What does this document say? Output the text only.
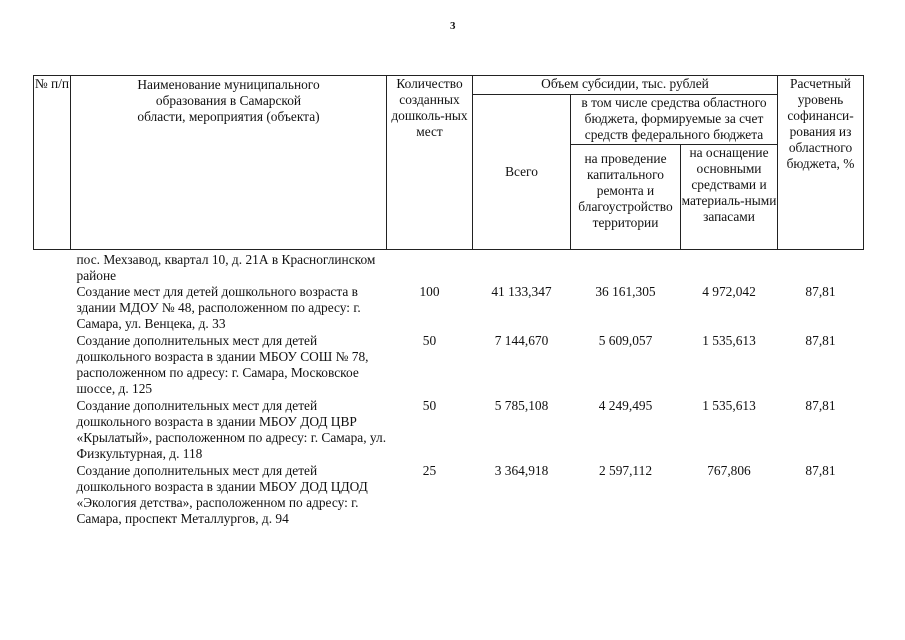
3
№ п/п	Наименование муниципального образования в Самарской области, мероприятия (объекта)	Количество созданных дошколь-ных мест	Объем субсидии, тыс. рублей			Расчетный уровень софинанси-рования из областного бюджета, %	
			Всего	в том числе средства областного бюджета, формируемые за счет средств федерального бюджета			
				на проведение капитального ремонта и благоустройство территории	на оснащение основными средствами и материаль-ными запасами		
	пос. Мехзавод, квартал 10, д. 21А в Красноглинском районе						
	Создание мест для детей дошкольного возраста в здании МДОУ № 48, расположенном по адресу: г. Самара, ул. Венцека, д. 33	100	41 133,347	36 161,305	4 972,042	87,81	
	Создание дополнительных мест для детей дошкольного возраста в здании МБОУ СОШ № 78, расположенном по адресу: г. Самара, Московское шоссе, д. 125	50	7 144,670	5 609,057	1 535,613	87,81	
	Создание дополнительных мест для детей дошкольного возраста в здании МБОУ ДОД ЦВР «Крылатый», расположенном по адресу: г. Самара, ул. Физкультурная, д. 118	50	5 785,108	4 249,495	1 535,613	87,81	
	Создание дополнительных мест для детей дошкольного возраста в здании МБОУ ДОД ЦДОД «Экология детства», расположенном по адресу: г. Самара, проспект Металлургов, д. 94	25	3 364,918	2 597,112	767,806	87,81	
